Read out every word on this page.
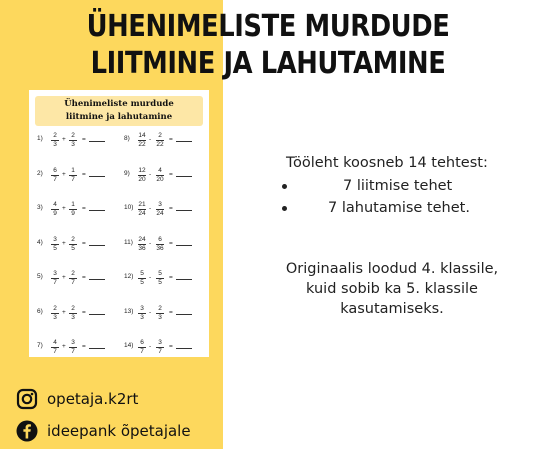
ÜHENIMELISTE MURDUDE
LIITMINE JA LAHUTAMINE
Ühenimeliste murdude
liitmine ja lahutamine
1)	2
3
+
2
3
=
2)	6
7
+
1
7
=
3)	4
9
+
1
9
=
4)	3
5
+
2
5
=
5)	3
7
+
2
7
=
6)	2
3
+
2
3
=
7)	4
7
+
3
7
=
8) 14
22
-
2
22
=
9) 12
20
-
4
20
=
10) 21
24
-
3
24
=
11) 24
36
-
6
36
=
12)	5
5
-
5
5
=
13)	3
3
-
2
3
=
14)	6
7
-
3
7
=
Tööleht koosneb 14 tehtest:
7 liitmise tehet
7 lahutamise tehet.
Originaalis loodud 4. klassile,
kuid sobib ka 5. klassile
kasutamiseks.
opetaja.k2rt
ideepank õpetajale
